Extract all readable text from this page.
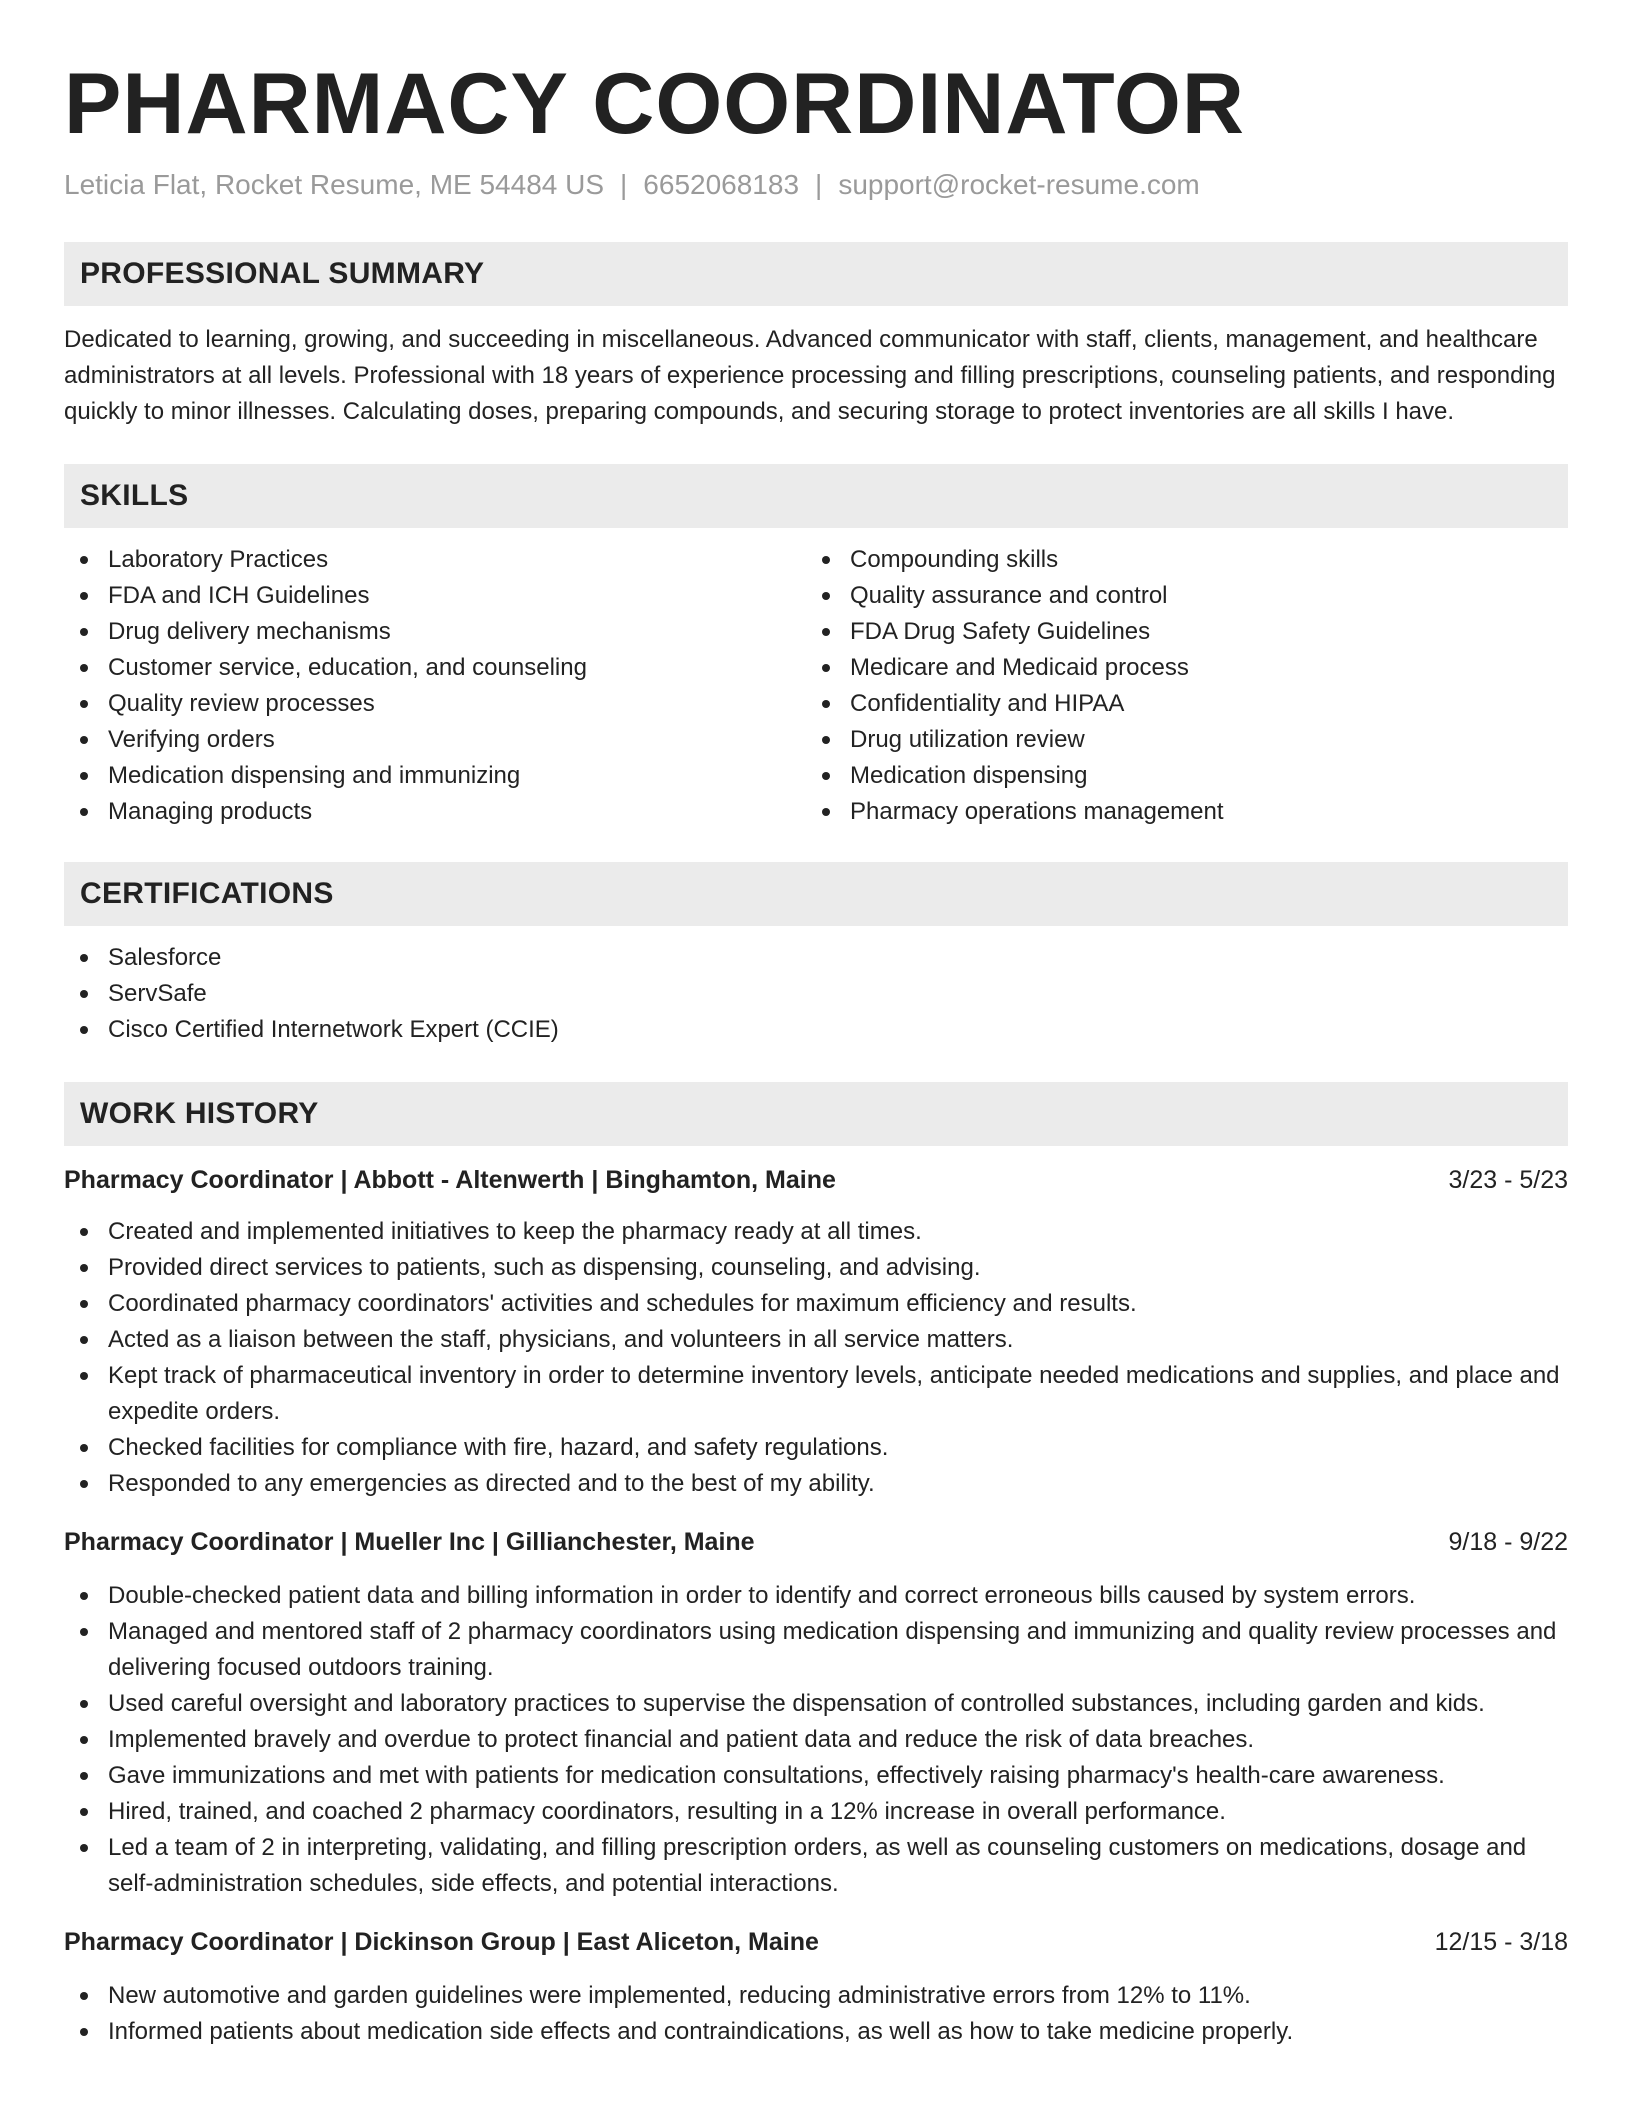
PHARMACY COORDINATOR
Leticia Flat, Rocket Resume, ME 54484 US | 6652068183 | support@rocket-resume.com
PROFESSIONAL SUMMARY
Dedicated to learning, growing, and succeeding in miscellaneous. Advanced communicator with staff, clients, management, and healthcare administrators at all levels. Professional with 18 years of experience processing and filling prescriptions, counseling patients, and responding quickly to minor illnesses. Calculating doses, preparing compounds, and securing storage to protect inventories are all skills I have.
SKILLS
Laboratory Practices
FDA and ICH Guidelines
Drug delivery mechanisms
Customer service, education, and counseling
Quality review processes
Verifying orders
Medication dispensing and immunizing
Managing products
Compounding skills
Quality assurance and control
FDA Drug Safety Guidelines
Medicare and Medicaid process
Confidentiality and HIPAA
Drug utilization review
Medication dispensing
Pharmacy operations management
CERTIFICATIONS
Salesforce
ServSafe
Cisco Certified Internetwork Expert (CCIE)
WORK HISTORY
Pharmacy Coordinator | Abbott - Altenwerth | Binghamton, Maine	3/23 - 5/23
Created and implemented initiatives to keep the pharmacy ready at all times.
Provided direct services to patients, such as dispensing, counseling, and advising.
Coordinated pharmacy coordinators' activities and schedules for maximum efficiency and results.
Acted as a liaison between the staff, physicians, and volunteers in all service matters.
Kept track of pharmaceutical inventory in order to determine inventory levels, anticipate needed medications and supplies, and place and expedite orders.
Checked facilities for compliance with fire, hazard, and safety regulations.
Responded to any emergencies as directed and to the best of my ability.
Pharmacy Coordinator | Mueller Inc | Gillianchester, Maine	9/18 - 9/22
Double-checked patient data and billing information in order to identify and correct erroneous bills caused by system errors.
Managed and mentored staff of 2 pharmacy coordinators using medication dispensing and immunizing and quality review processes and delivering focused outdoors training.
Used careful oversight and laboratory practices to supervise the dispensation of controlled substances, including garden and kids.
Implemented bravely and overdue to protect financial and patient data and reduce the risk of data breaches.
Gave immunizations and met with patients for medication consultations, effectively raising pharmacy's health-care awareness.
Hired, trained, and coached 2 pharmacy coordinators, resulting in a 12% increase in overall performance.
Led a team of 2 in interpreting, validating, and filling prescription orders, as well as counseling customers on medications, dosage and self-administration schedules, side effects, and potential interactions.
Pharmacy Coordinator | Dickinson Group | East Aliceton, Maine	12/15 - 3/18
New automotive and garden guidelines were implemented, reducing administrative errors from 12% to 11%.
Informed patients about medication side effects and contraindications, as well as how to take medicine properly.
